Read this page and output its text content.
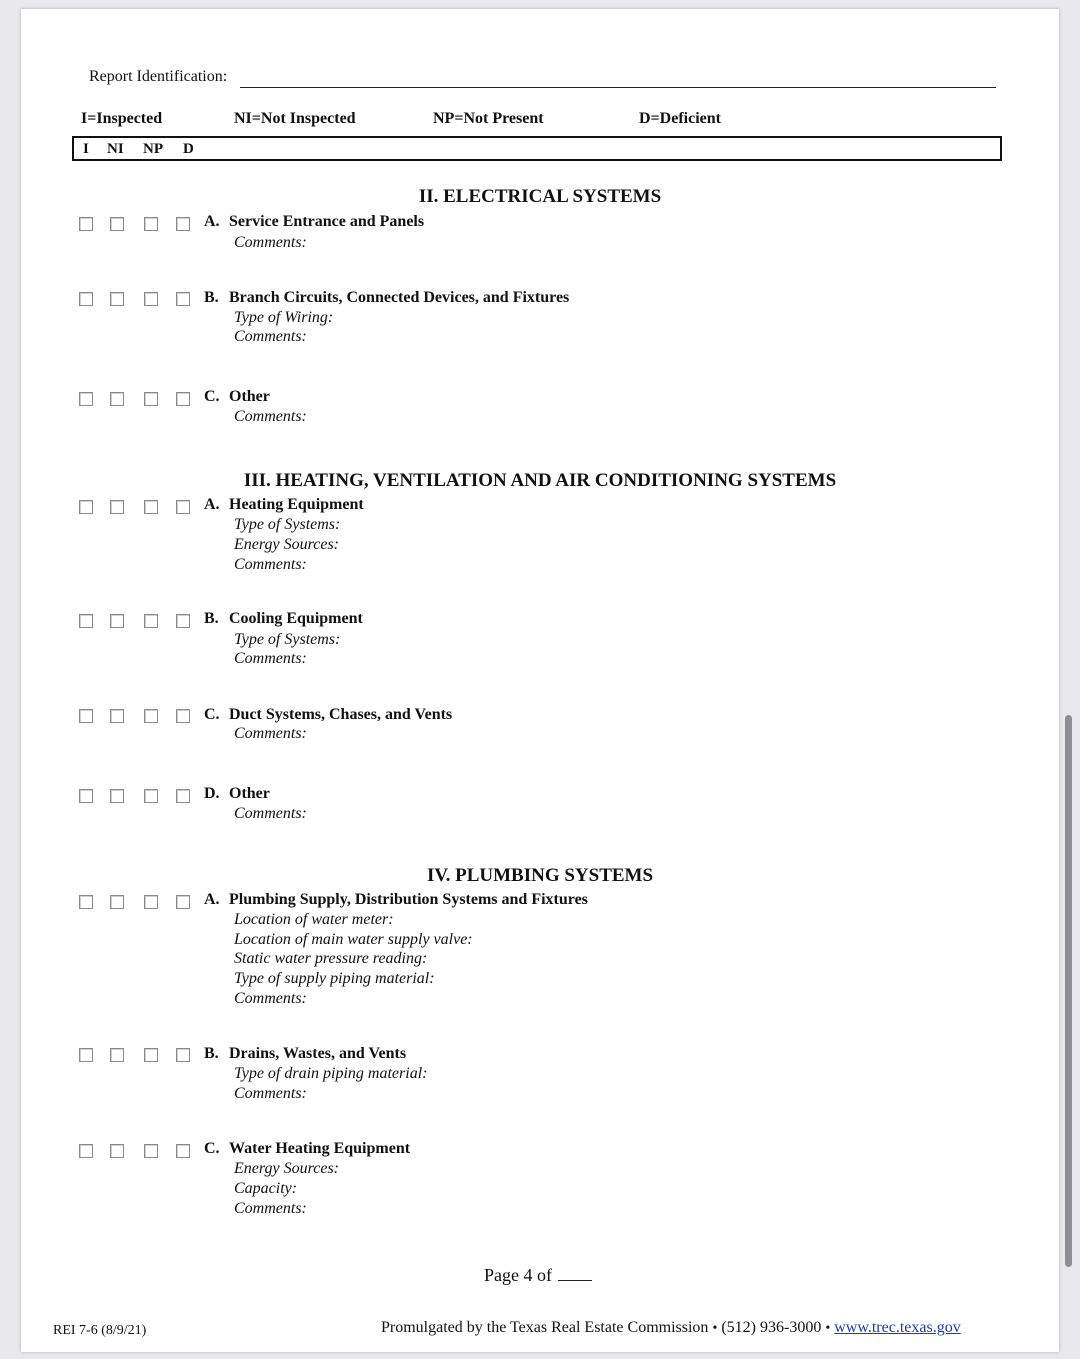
Report Identification:
I=Inspected	NI=Not Inspected	NP=Not Present	D=Deficient
I NI NP D
II. ELECTRICAL SYSTEMS
A. Service Entrance and Panels
Comments:
B. Branch Circuits, Connected Devices, and Fixtures
Type of Wiring:
Comments:
C. Other
Comments:
III. HEATING, VENTILATION AND AIR CONDITIONING SYSTEMS
A. Heating Equipment
Type of Systems:
Energy Sources:
Comments:
B. Cooling Equipment
Type of Systems:
Comments:
C. Duct Systems, Chases, and Vents
Comments:
D. Other
Comments:
IV. PLUMBING SYSTEMS
A. Plumbing Supply, Distribution Systems and Fixtures
Location of water meter:
Location of main water supply valve:
Static water pressure reading:
Type of supply piping material:
Comments:
B. Drains, Wastes, and Vents
Type of drain piping material:
Comments:
C. Water Heating Equipment
Energy Sources:
Capacity:
Comments:
Page 4 of
REI 7-6 (8/9/21)	Promulgated by the Texas Real Estate Commission • (512) 936-3000 • www.trec.texas.gov
